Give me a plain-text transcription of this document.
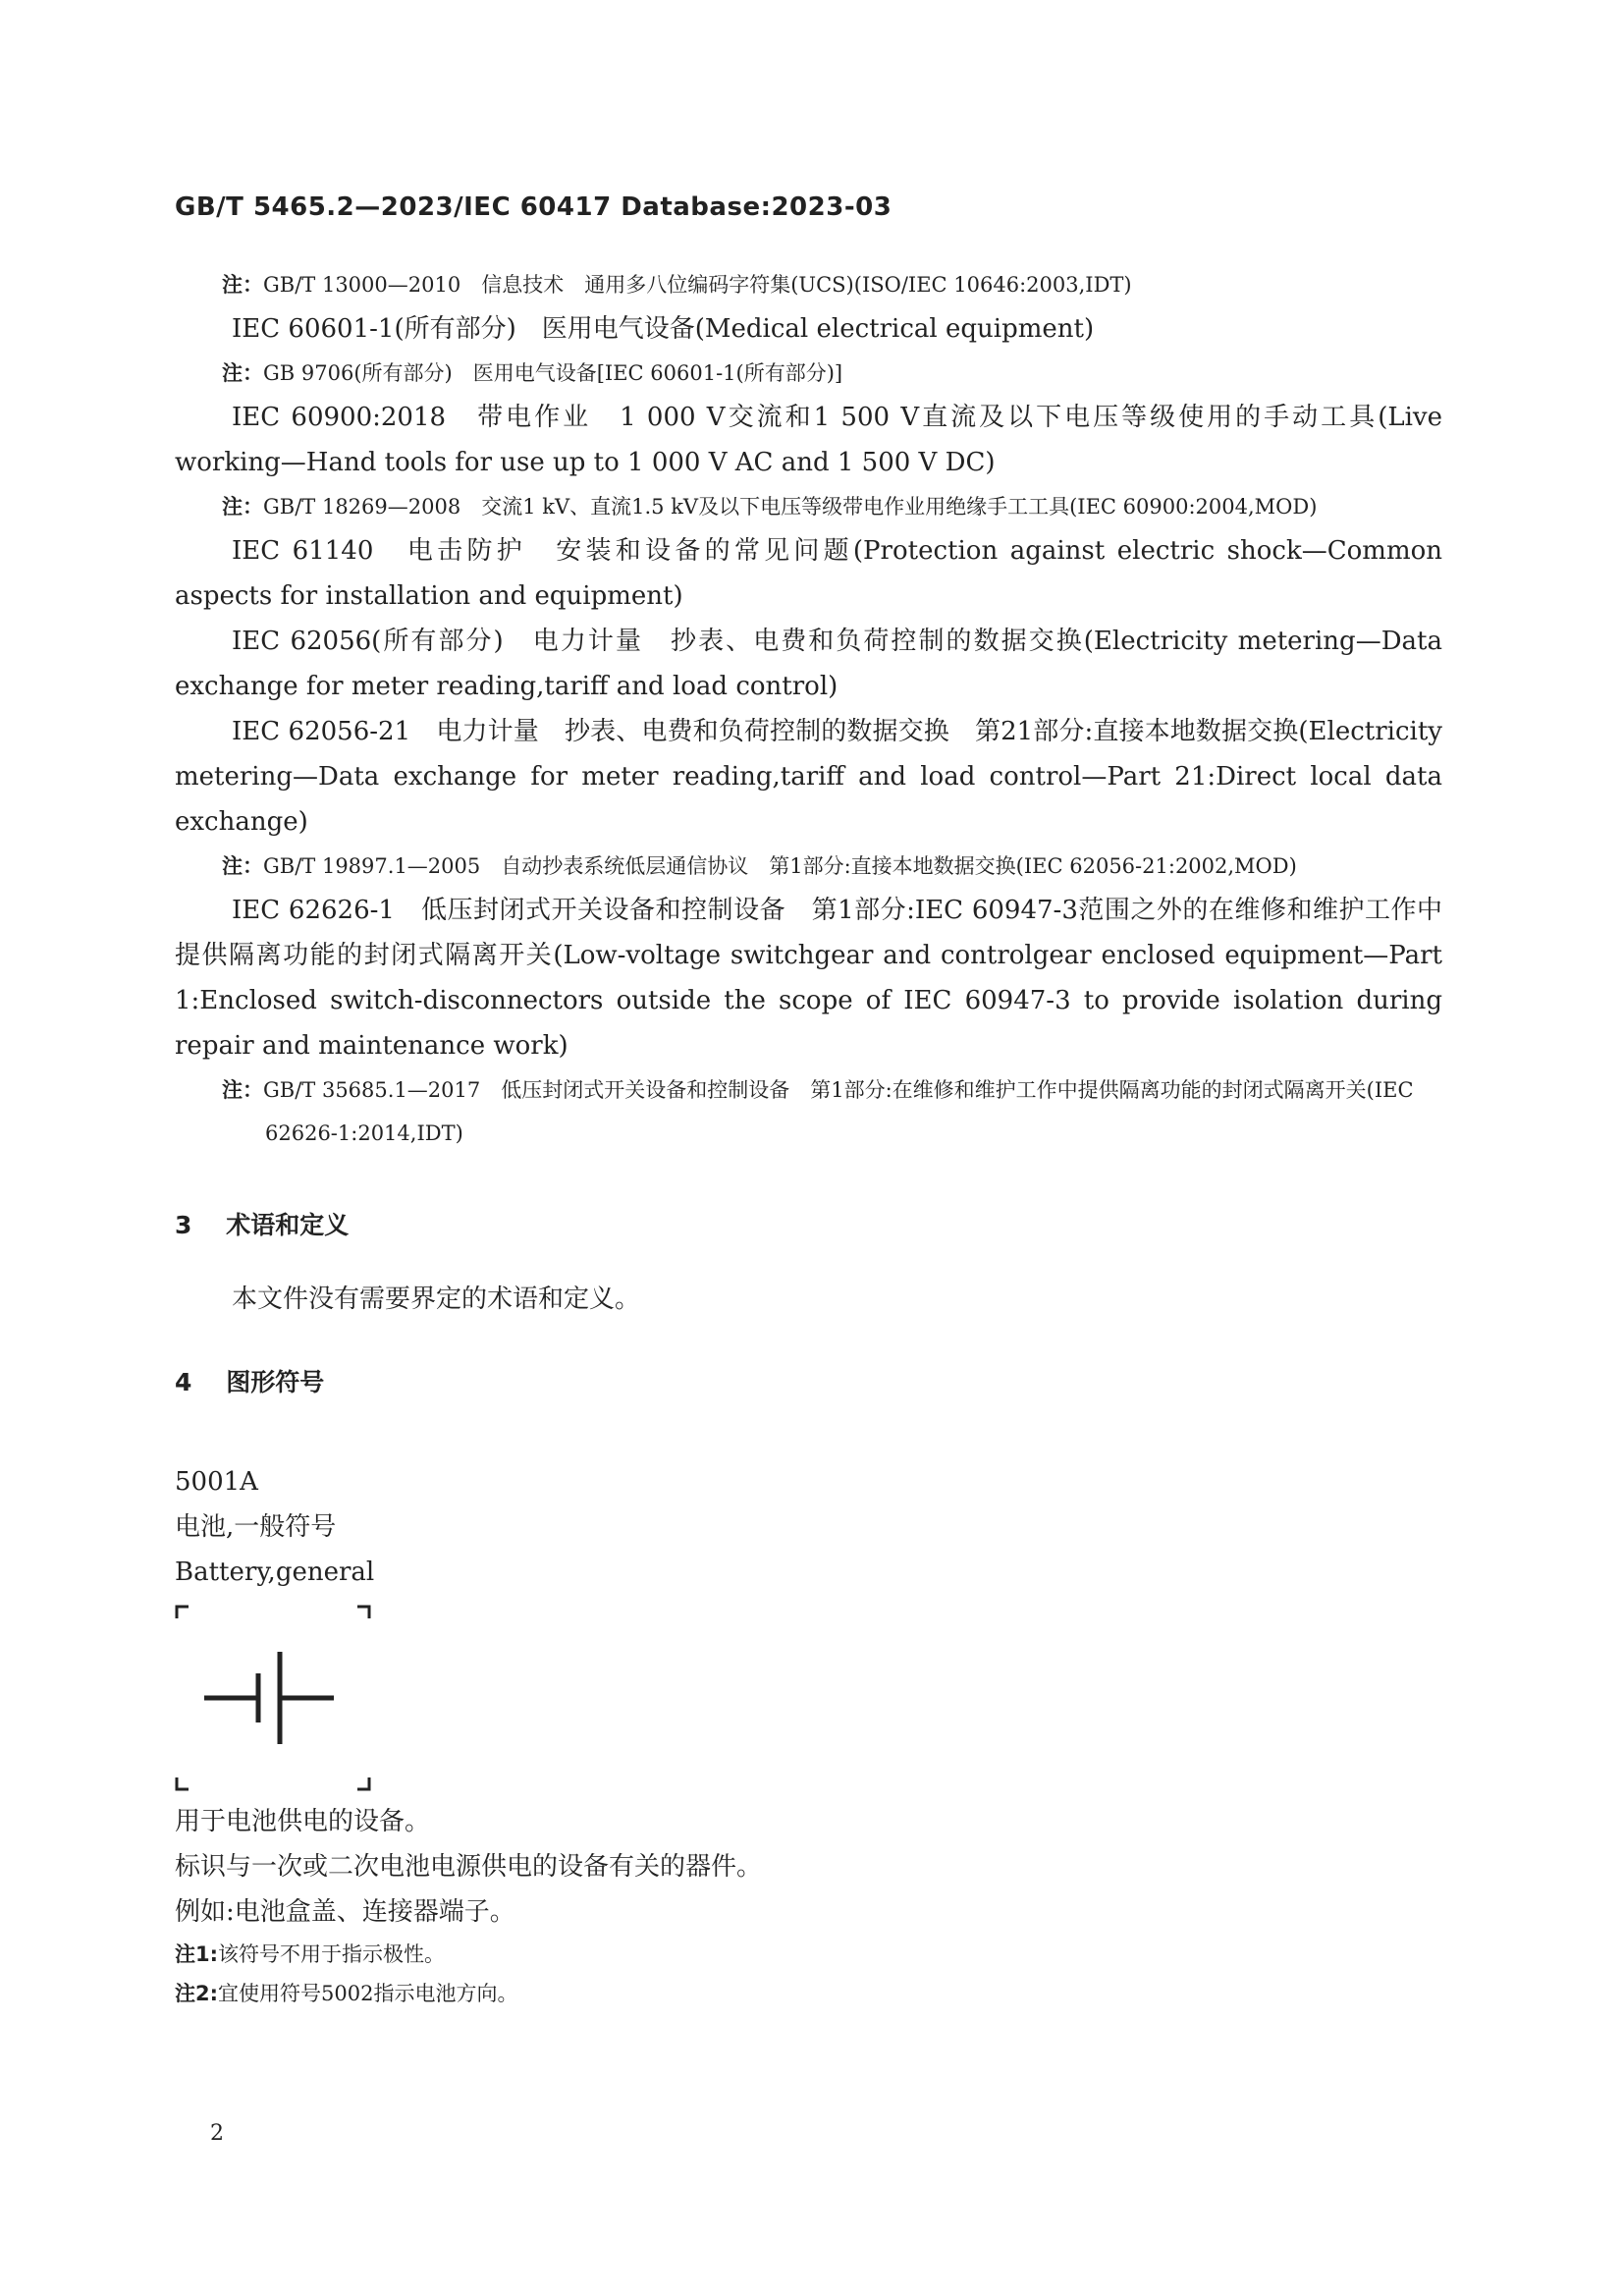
GB/T 5465.2—2023/IEC 60417 Database:2023-03
注：GB/T 13000—2010　信息技术　通用多八位编码字符集(UCS)(ISO/IEC 10646:2003,IDT)
IEC 60601-1(所有部分)　医用电气设备(Medical electrical equipment)
注：GB 9706(所有部分)　医用电气设备[IEC 60601-1(所有部分)]
IEC 60900:2018　带电作业　1 000 V交流和1 500 V直流及以下电压等级使用的手动工具(Live working—Hand tools for use up to 1 000 V AC and 1 500 V DC)
注：GB/T 18269—2008　交流1 kV、直流1.5 kV及以下电压等级带电作业用绝缘手工工具(IEC 60900:2004,MOD)
IEC 61140　电击防护　安装和设备的常见问题(Protection against electric shock—Common aspects for installation and equipment)
IEC 62056(所有部分)　电力计量　抄表、电费和负荷控制的数据交换(Electricity metering—Data exchange for meter reading,tariff and load control)
IEC 62056-21　电力计量　抄表、电费和负荷控制的数据交换　第21部分:直接本地数据交换(Electricity metering—Data exchange for meter reading,tariff and load control—Part 21:Direct local data exchange)
注：GB/T 19897.1—2005　自动抄表系统低层通信协议　第1部分:直接本地数据交换(IEC 62056-21:2002,MOD)
IEC 62626-1　低压封闭式开关设备和控制设备　第1部分:IEC 60947-3范围之外的在维修和维护工作中提供隔离功能的封闭式隔离开关(Low-voltage switchgear and controlgear enclosed equipment—Part 1:Enclosed switch-disconnectors outside the scope of IEC 60947-3 to provide isolation during repair and maintenance work)
注：GB/T 35685.1—2017　低压封闭式开关设备和控制设备　第1部分:在维修和维护工作中提供隔离功能的封闭式隔离开关(IEC 62626-1:2014,IDT)
3 术语和定义
本文件没有需要界定的术语和定义。
4 图形符号
5001A
电池,一般符号
Battery,general
用于电池供电的设备。
标识与一次或二次电池电源供电的设备有关的器件。
例如:电池盒盖、连接器端子。
注1:该符号不用于指示极性。
注2:宜使用符号5002指示电池方向。
2
